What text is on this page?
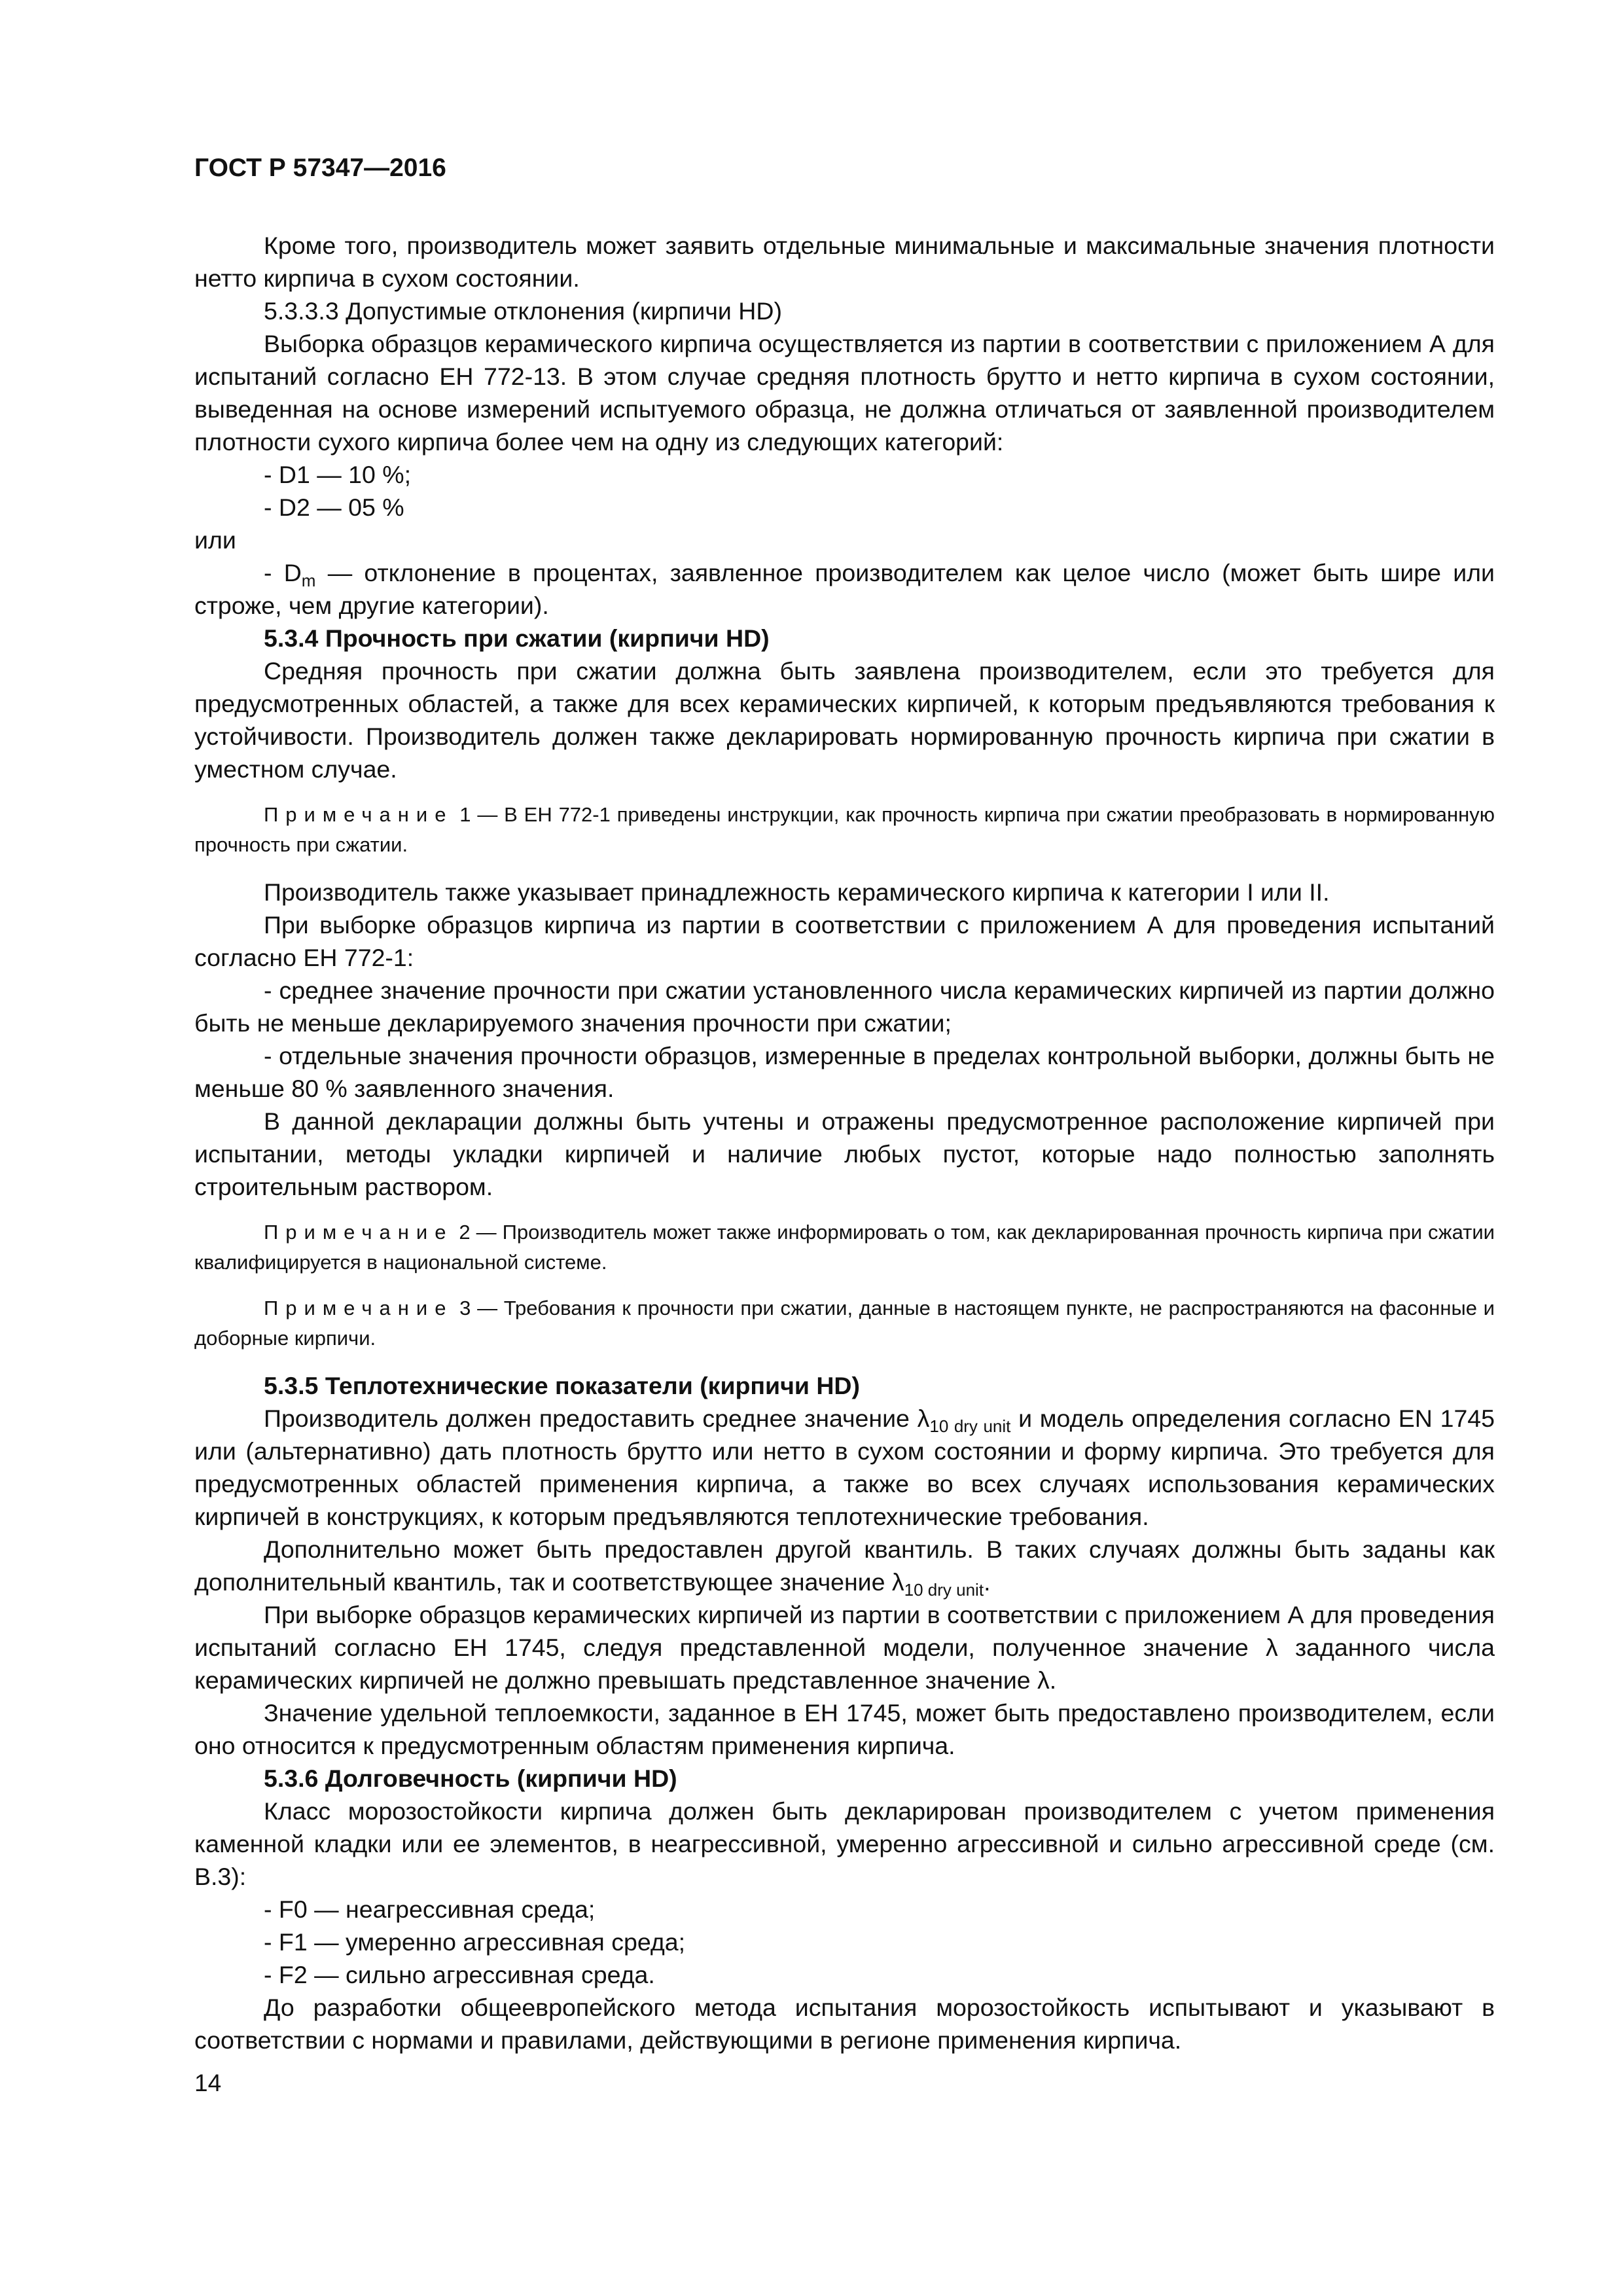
ГОСТ Р 57347—2016

Кроме того, производитель может заявить отдельные минимальные и максимальные значения плотности нетто кирпича в сухом состоянии.

5.3.3.3 Допустимые отклонения (кирпичи HD)

Выборка образцов керамического кирпича осуществляется из партии в соответствии с приложением А для испытаний согласно ЕН 772-13. В этом случае средняя плотность брутто и нетто кирпича в сухом состоянии, выведенная на основе измерений испытуемого образца, не должна отличаться от заявленной производителем плотности сухого кирпича более чем на одну из следующих категорий:

- D1 — 10 %;

- D2 — 05 %

или

- $D_m$ — отклонение в процентах, заявленное производителем как целое число (может быть шире или строже, чем другие категории).

5.3.4 Прочность при сжатии (кирпичи HD)

Средняя прочность при сжатии должна быть заявлена производителем, если это требуется для предусмотренных областей, а также для всех керамических кирпичей, к которым предъявляются требования к устойчивости. Производитель должен также декларировать нормированную прочность кирпича при сжатии в уместном случае.

Примечание 1 — В ЕН 772-1 приведены инструкции, как прочность кирпича при сжатии преобразовать в нормированную прочность при сжатии.

Производитель также указывает принадлежность керамического кирпича к категории I или II.

При выборке образцов кирпича из партии в соответствии с приложением А для проведения испытаний согласно ЕН 772-1:

- среднее значение прочности при сжатии установленного числа керамических кирпичей из партии должно быть не меньше декларируемого значения прочности при сжатии;

- отдельные значения прочности образцов, измеренные в пределах контрольной выборки, должны быть не меньше 80 % заявленного значения.

В данной декларации должны быть учтены и отражены предусмотренное расположение кирпичей при испытании, методы укладки кирпичей и наличие любых пустот, которые надо полностью заполнять строительным раствором.

Примечание 2 — Производитель может также информировать о том, как декларированная прочность кирпича при сжатии квалифицируется в национальной системе.

Примечание 3 — Требования к прочности при сжатии, данные в настоящем пункте, не распространяются на фасонные и доборные кирпичи.

5.3.5 Теплотехнические показатели (кирпичи HD)

Производитель должен предоставить среднее значение $\lambda_{10 dry unit}$ и модель определения согласно EN 1745 или (альтернативно) дать плотность брутто или нетто в сухом состоянии и форму кирпича. Это требуется для предусмотренных областей применения кирпича, а также во всех случаях использования керамических кирпичей в конструкциях, к которым предъявляются теплотехнические требования.

Дополнительно может быть предоставлен другой квантиль. В таких случаях должны быть заданы как дополнительный квантиль, так и соответствующее значение $\lambda_{10 dry unit}$.

При выборке образцов керамических кирпичей из партии в соответствии с приложением А для проведения испытаний согласно ЕН 1745, следуя представленной модели, полученное значение λ заданного числа керамических кирпичей не должно превышать представленное значение λ.

Значение удельной теплоемкости, заданное в ЕН 1745, может быть предоставлено производителем, если оно относится к предусмотренным областям применения кирпича.

5.3.6 Долговечность (кирпичи HD)

Класс морозостойкости кирпича должен быть декларирован производителем с учетом применения каменной кладки или ее элементов, в неагрессивной, умеренно агрессивной и сильно агрессивной среде (см. В.3):

- F0 — неагрессивная среда;

- F1 — умеренно агрессивная среда;

- F2 — сильно агрессивная среда.

До разработки общеевропейского метода испытания морозостойкость испытывают и указывают в соответствии с нормами и правилами, действующими в регионе применения кирпича.

14
